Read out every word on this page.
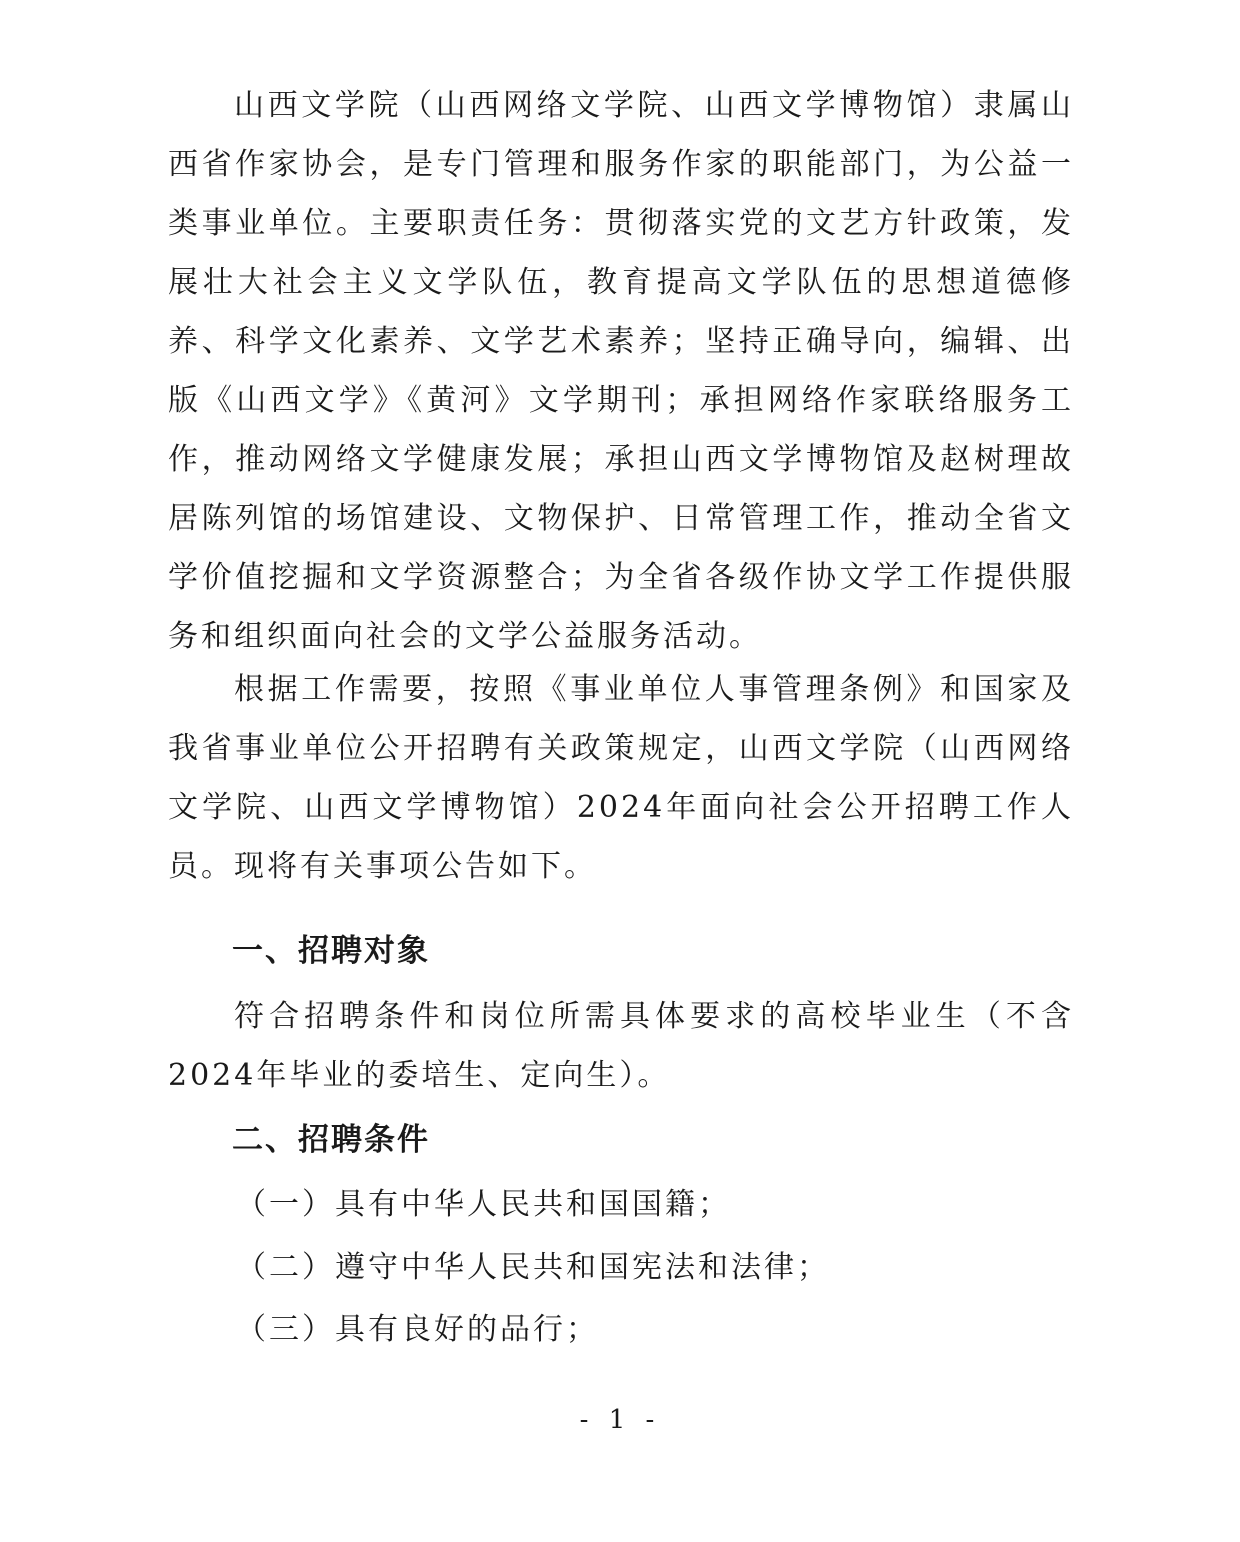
山西文学院（山西网络文学院、山西文学博物馆）隶属山西省作家协会，是专门管理和服务作家的职能部门，为公益一类事业单位。主要职责任务：贯彻落实党的文艺方针政策，发展壮大社会主义文学队伍，教育提高文学队伍的思想道德修养、科学文化素养、文学艺术素养；坚持正确导向，编辑、出版《山西文学》《黄河》文学期刊；承担网络作家联络服务工作，推动网络文学健康发展；承担山西文学博物馆及赵树理故居陈列馆的场馆建设、文物保护、日常管理工作，推动全省文学价值挖掘和文学资源整合；为全省各级作协文学工作提供服务和组织面向社会的文学公益服务活动。

根据工作需要，按照《事业单位人事管理条例》和国家及我省事业单位公开招聘有关政策规定，山西文学院（山西网络文学院、山西文学博物馆）2024年面向社会公开招聘工作人员。现将有关事项公告如下。

一、招聘对象

符合招聘条件和岗位所需具体要求的高校毕业生（不含2024年毕业的委培生、定向生）。

二、招聘条件
（一）具有中华人民共和国国籍；
（二）遵守中华人民共和国宪法和法律；
（三）具有良好的品行；
- 1 -
